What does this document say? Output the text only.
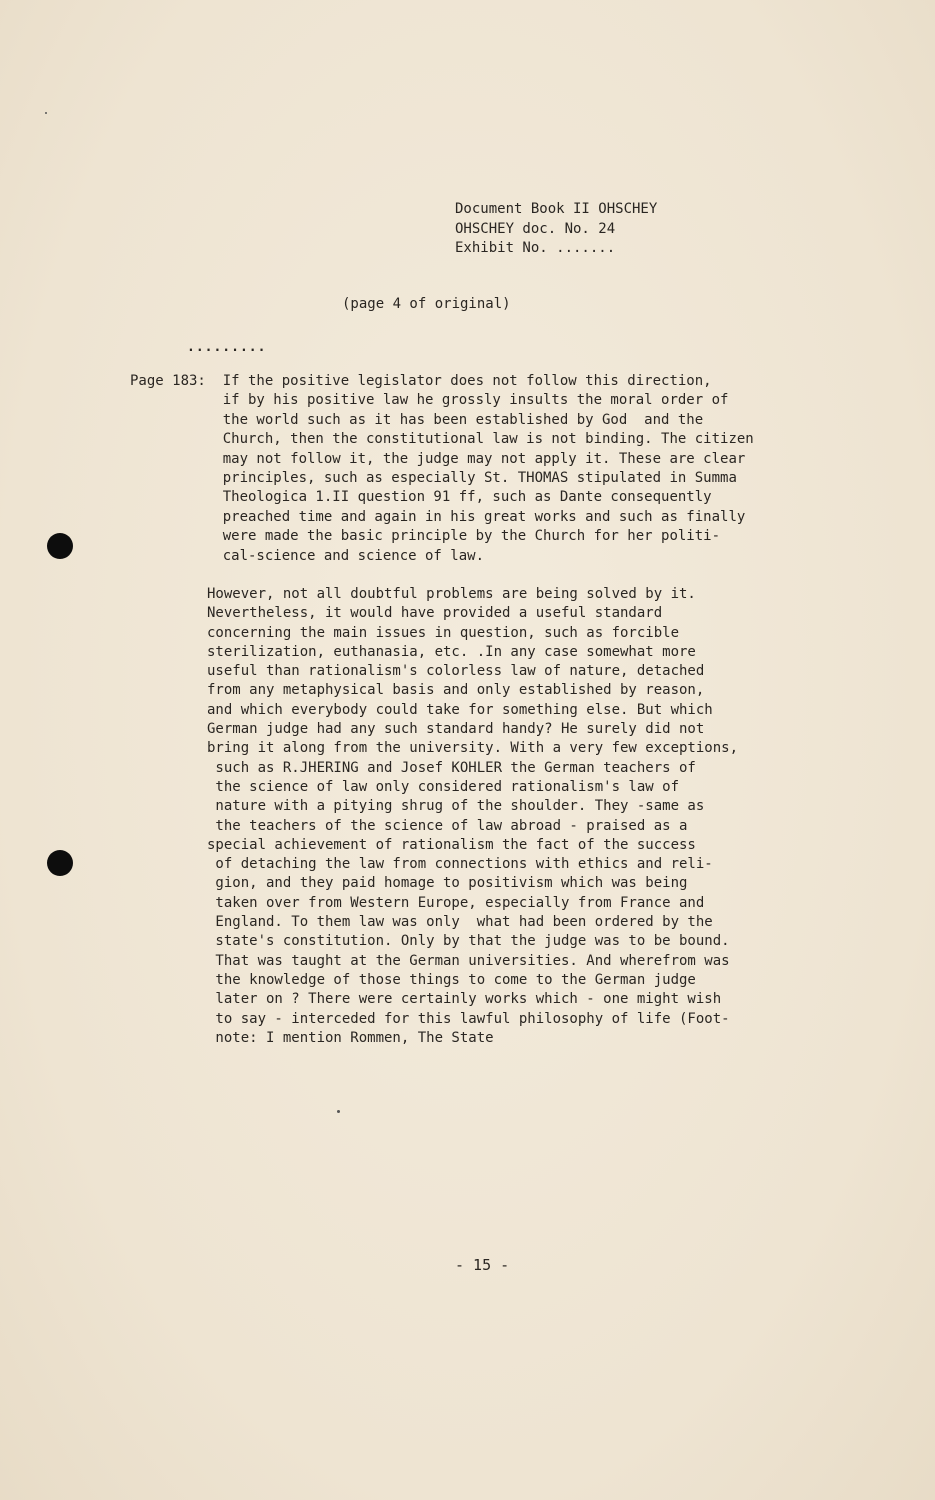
Document Book II OHSCHEY
OHSCHEY doc. No. 24
Exhibit No. .......
(page 4 of original)
.........
Page 183:  If the positive legislator does not follow this direction,
if by his positive law he grossly insults the moral order of
the world such as it has been established by God  and the
Church, then the constitutional law is not binding. The citizen
may not follow it, the judge may not apply it. These are clear
principles, such as especially St. THOMAS stipulated in Summa
Theologica 1.II question 91 ff, such as Dante consequently
preached time and again in his great works and such as finally
were made the basic principle by the Church for her politi-
cal-science and science of law.
However, not all doubtful problems are being solved by it.
Nevertheless, it would have provided a useful standard
concerning the main issues in question, such as forcible
sterilization, euthanasia, etc. .In any case somewhat more
useful than rationalism's colorless law of nature, detached
from any metaphysical basis and only established by reason,
and which everybody could take for something else. But which
German judge had any such standard handy? He surely did not
bring it along from the university. With a very few exceptions,
such as R.JHERING and Josef KOHLER the German teachers of
the science of law only considered rationalism's law of
nature with a pitying shrug of the shoulder. They -same as
the teachers of the science of law abroad - praised as a
special achievement of rationalism the fact of the success
of detaching the law from connections with ethics and reli-
gion, and they paid homage to positivism which was being
taken over from Western Europe, especially from France and
England. To them law was only  what had been ordered by the
state's constitution. Only by that the judge was to be bound.
That was taught at the German universities. And wherefrom was
the knowledge of those things to come to the German judge
later on ? There were certainly works which - one might wish
to say - interceded for this lawful philosophy of life (Foot-
note: I mention Rommen, The State
- 15 -
